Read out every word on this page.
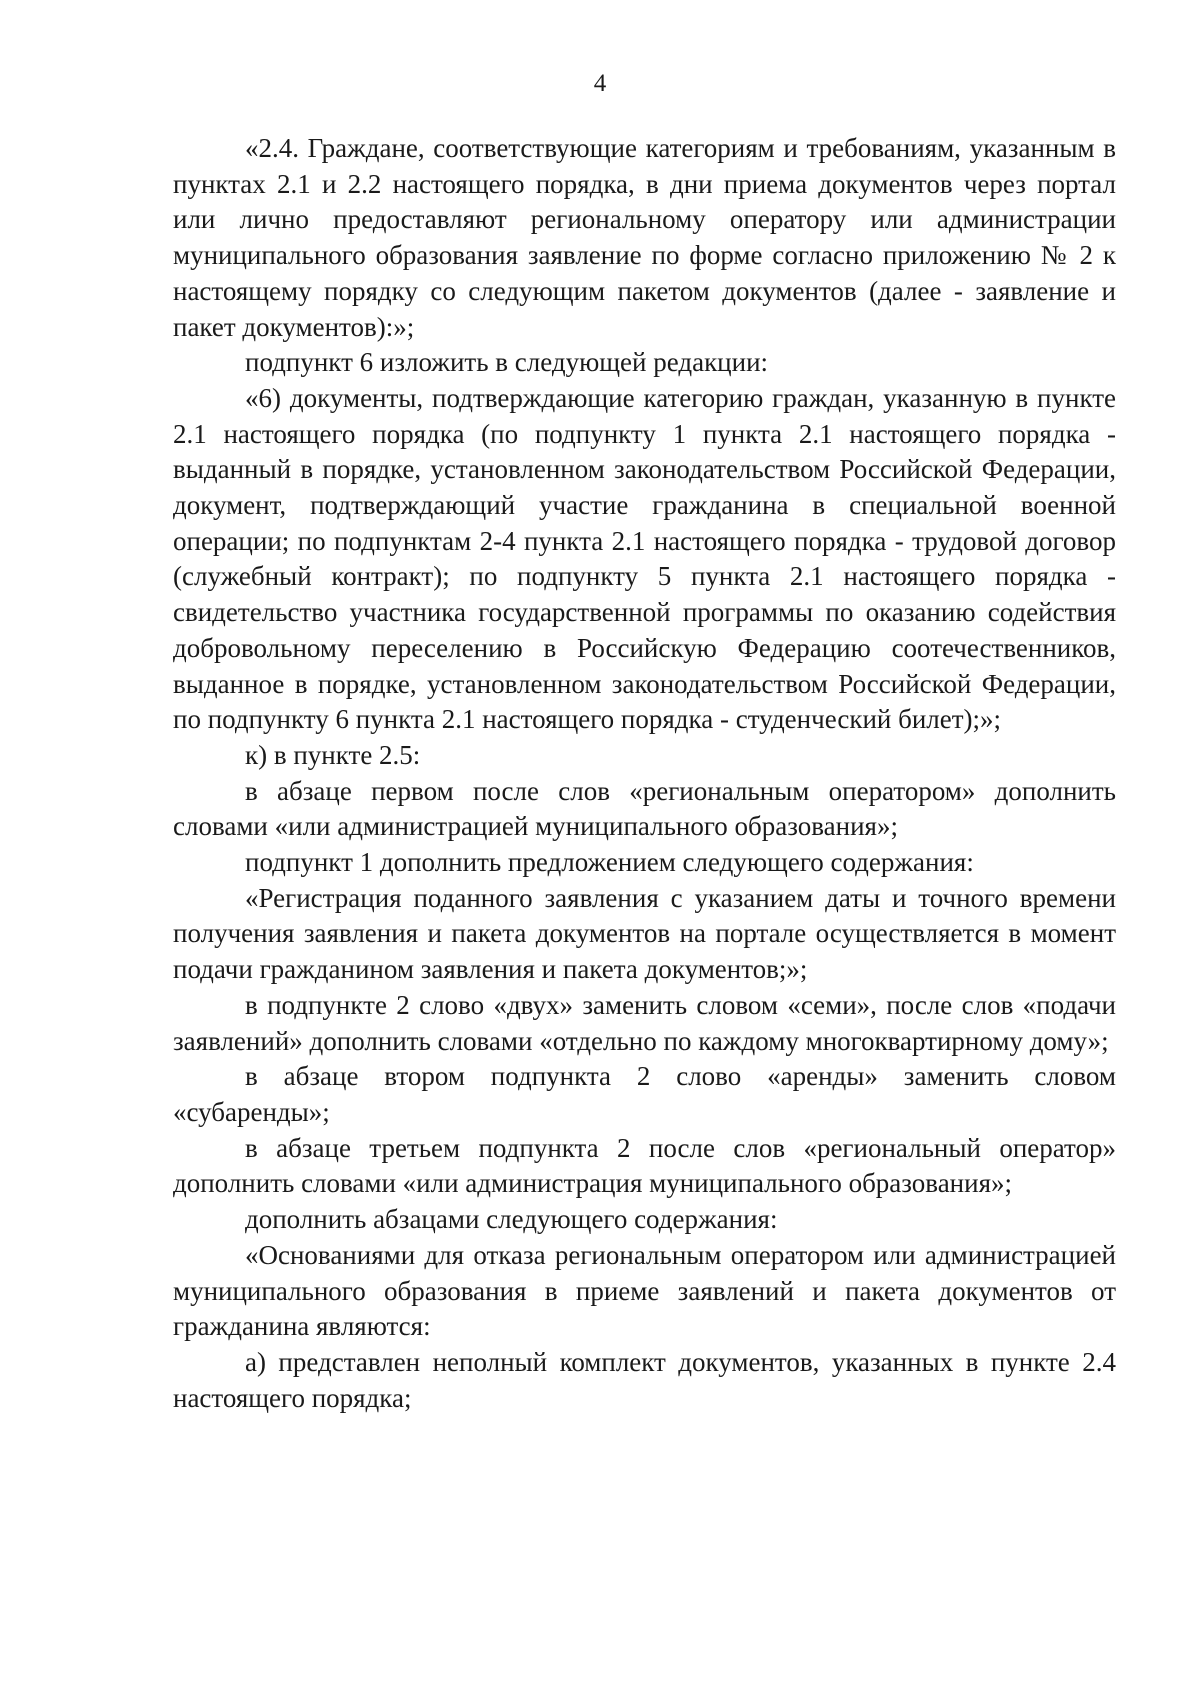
4

«2.4. Граждане, соответствующие категориям и требованиям, указанным в пунктах 2.1 и 2.2 настоящего порядка, в дни приема документов через портал или лично предоставляют региональному оператору или администрации муниципального образования заявление по форме согласно приложению № 2 к настоящему порядку со следующим пакетом документов (далее - заявление и пакет документов):»;

подпункт 6 изложить в следующей редакции:

«6) документы, подтверждающие категорию граждан, указанную в пункте 2.1 настоящего порядка (по подпункту 1 пункта 2.1 настоящего порядка - выданный в порядке, установленном законодательством Российской Федерации, документ, подтверждающий участие гражданина в специальной военной операции; по подпунктам 2-4 пункта 2.1 настоящего порядка - трудовой договор (служебный контракт); по подпункту 5 пункта 2.1 настоящего порядка - свидетельство участника государственной программы по оказанию содействия добровольному переселению в Российскую Федерацию соотечественников, выданное в порядке, установленном законодательством Российской Федерации, по подпункту 6 пункта 2.1 настоящего порядка - студенческий билет);»;

к) в пункте 2.5:

в абзаце первом после слов «региональным оператором» дополнить словами «или администрацией муниципального образования»;

подпункт 1 дополнить предложением следующего содержания:

«Регистрация поданного заявления с указанием даты и точного времени получения заявления и пакета документов на портале осуществляется в момент подачи гражданином заявления и пакета документов;»;

в подпункте 2 слово «двух» заменить словом «семи», после слов «подачи заявлений» дополнить словами «отдельно по каждому многоквартирному дому»;

в абзаце втором подпункта 2 слово «аренды» заменить словом «субаренды»;

в абзаце третьем подпункта 2 после слов «региональный оператор» дополнить словами «или администрация муниципального образования»;

дополнить абзацами следующего содержания:

«Основаниями для отказа региональным оператором или администрацией муниципального образования в приеме заявлений и пакета документов от гражданина являются:

а) представлен неполный комплект документов, указанных в пункте 2.4 настоящего порядка;
